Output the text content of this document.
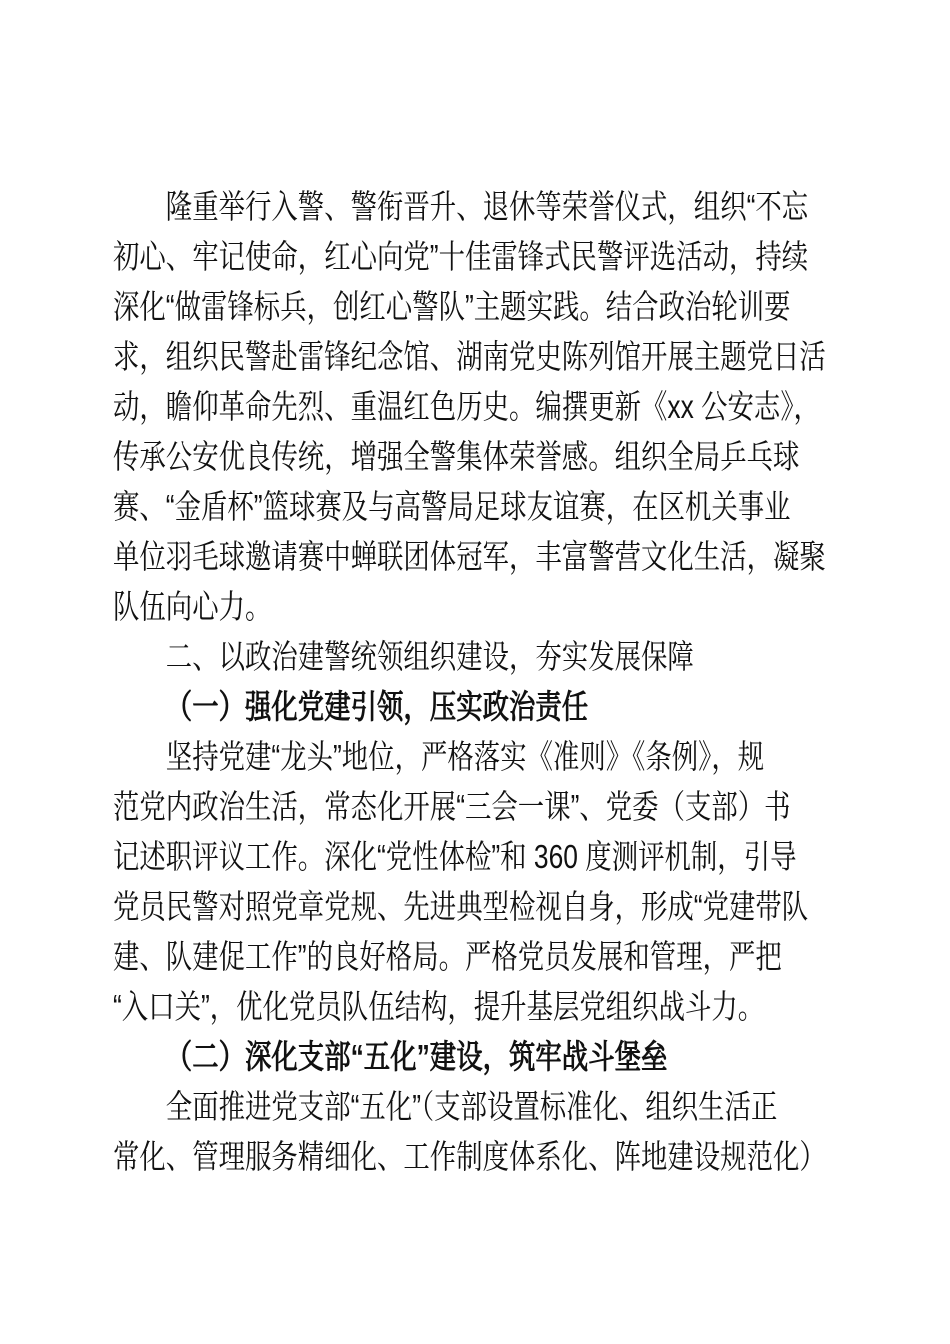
隆重举行入警、警衔晋升、退休等荣誉仪式，组织“不忘
初心、牢记使命，红心向党”十佳雷锋式民警评选活动，持续
深化“做雷锋标兵，创红心警队”主题实践。结合政治轮训要
求，组织民警赴雷锋纪念馆、湖南党史陈列馆开展主题党日活
动，瞻仰革命先烈、重温红色历史。编撰更新《xx 公安志》，
传承公安优良传统，增强全警集体荣誉感。组织全局乒乓球
赛、“金盾杯”篮球赛及与高警局足球友谊赛，在区机关事业
单位羽毛球邀请赛中蝉联团体冠军，丰富警营文化生活，凝聚
队伍向心力。
二、以政治建警统领组织建设，夯实发展保障
（一）强化党建引领，压实政治责任
坚持党建“龙头”地位，严格落实《准则》《条例》，规
范党内政治生活，常态化开展“三会一课”、党委（支部）书
记述职评议工作。深化“党性体检”和 360 度测评机制，引导
党员民警对照党章党规、先进典型检视自身，形成“党建带队
建、队建促工作”的良好格局。严格党员发展和管理，严把
“入口关”，优化党员队伍结构，提升基层党组织战斗力。
（二）深化支部“五化”建设，筑牢战斗堡垒
全面推进党支部“五化”（支部设置标准化、组织生活正
常化、管理服务精细化、工作制度体系化、阵地建设规范化）
